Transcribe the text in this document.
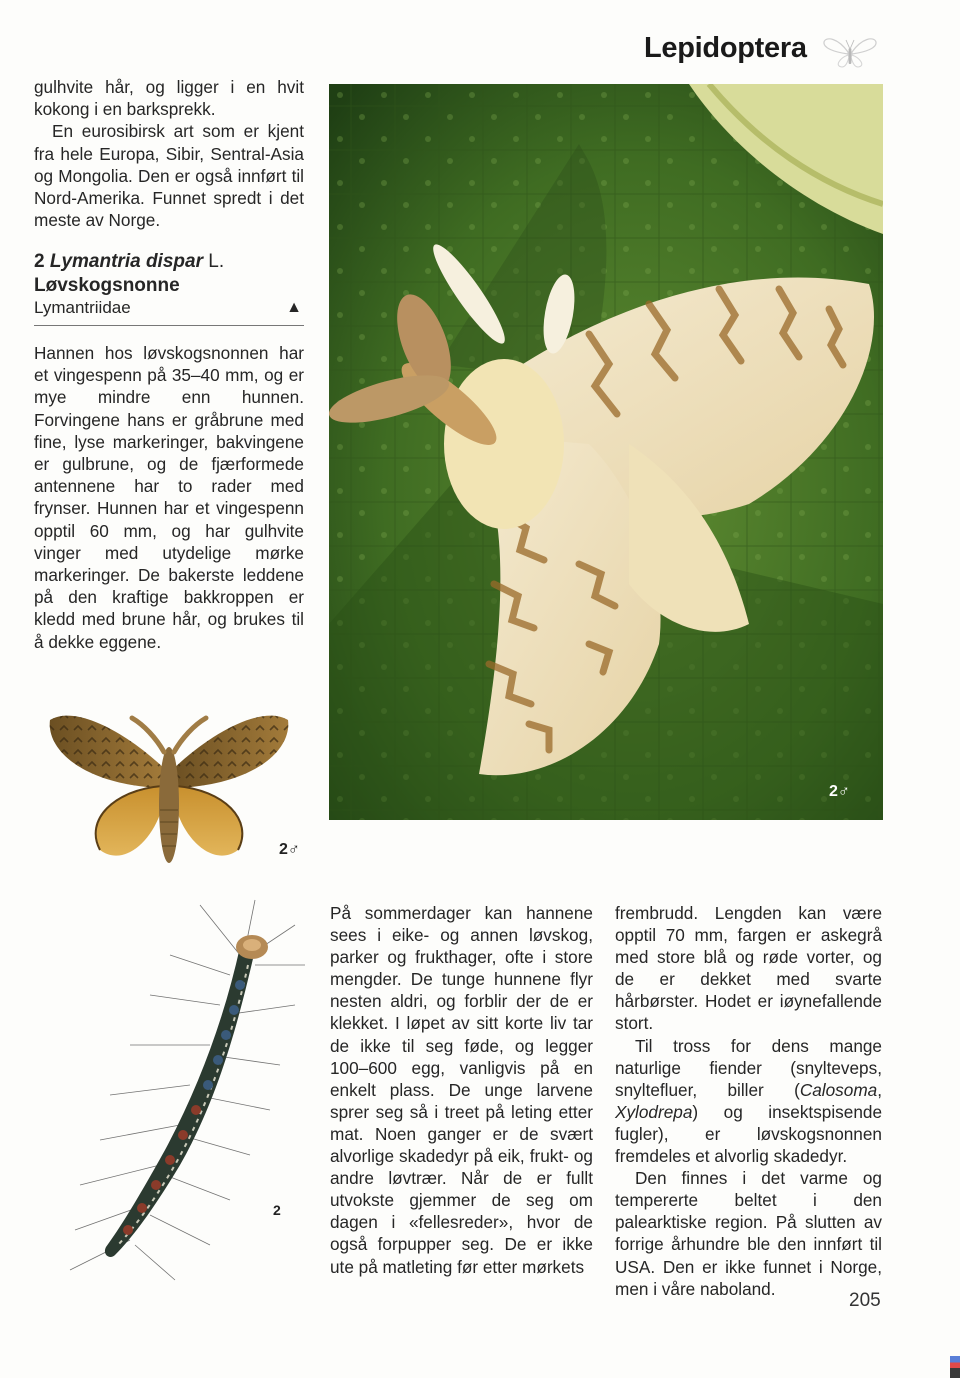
Lepidoptera

gulhvite hår, og ligger i en hvit kokong i en barksprekk.

En eurosibirsk art som er kjent fra hele Europa, Sibir, Sentral-Asia og Mongolia. Den er også innført til Nord-Amerika. Funnet spredt i det meste av Norge.

2 Lymantria dispar L.

Løvskogsnonne

Lymantriidae	▲

Hannen hos løvskogsnonnen har et vingespenn på 35–40 mm, og er mye mindre enn hunnen. Forvingene hans er gråbrune med fine, lyse markeringer, bakvingene er gulbrune, og de fjærformede antennene har to rader med frynser. Hunnen har et vingespenn opptil 60 mm, og har gulhvite vinger med utydelige mørke markeringer. De bakerste leddene på den kraftige bakkroppen er kledd med brune hår, og brukes til å dekke eggene.

2♂
2♂
2

På sommerdager kan hannene sees i eike- og annen løvskog, parker og frukthager, ofte i store mengder. De tunge hunnene flyr nesten aldri, og forblir der de er klekket. I løpet av sitt korte liv tar de ikke til seg føde, og legger 100–600 egg, vanligvis på en enkelt plass. De unge larvene sprer seg så i treet på leting etter mat. Noen ganger er de svært alvorlige skadedyr på eik, frukt- og andre løvtrær. Når de er fullt utvokste gjemmer de seg om dagen i «fellesreder», hvor de også forpupper seg. De er ikke ute på matleting før etter mørkets

frembrudd. Lengden kan være opptil 70 mm, fargen er askegrå med store blå og røde vorter, og de er dekket med svarte hårbørster. Hodet er iøynefallende stort.

Til tross for dens mange naturlige fiender (snylteveps, snyltefluer, biller (Calosoma, Xylodrepa) og insektspisende fugler), er løvskogsnonnen fremdeles et alvorlig skadedyr.

Den finnes i det varme og tempererte beltet i den palearktiske region. På slutten av forrige århundre ble den innført til USA. Den er ikke funnet i Norge, men i våre naboland.

205
